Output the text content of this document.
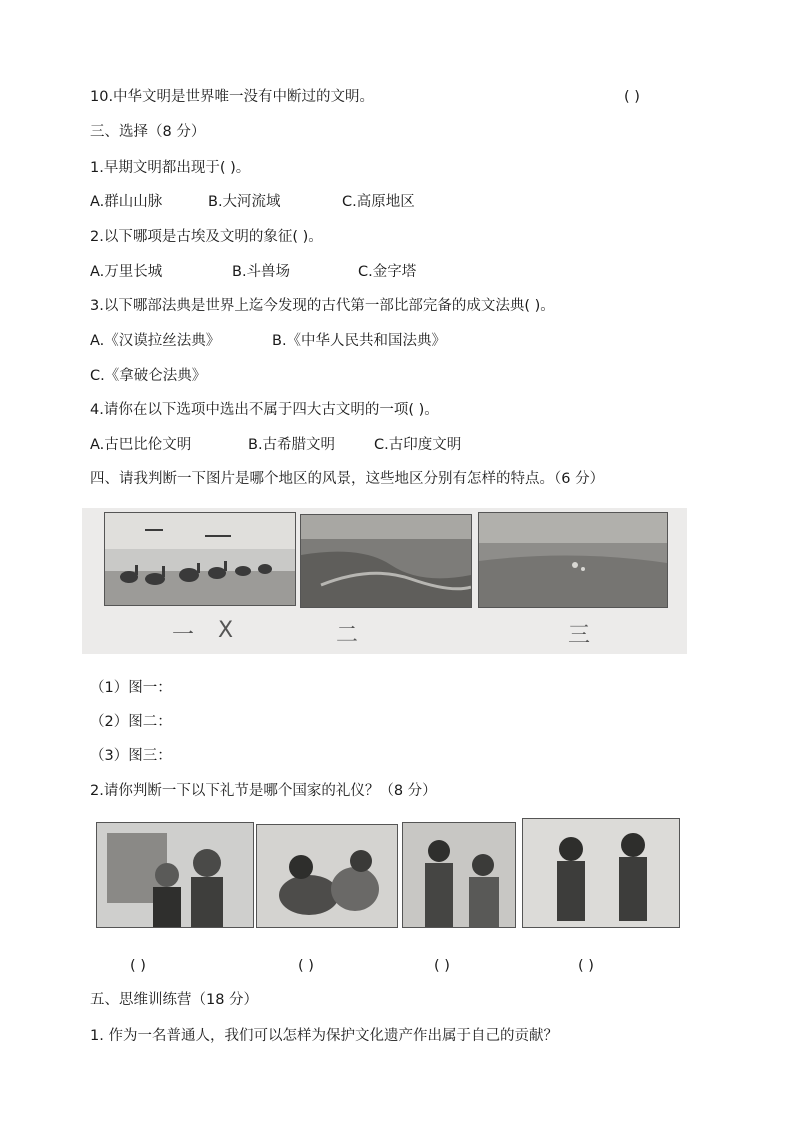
10.中华文明是世界唯一没有中断过的文明。	( )
三、选择（8 分）
1.早期文明都出现于( )。
A.群山山脉	B.大河流域	C.高原地区
2.以下哪项是古埃及文明的象征( )。
A.万里长城	B.斗兽场	C.金字塔
3.以下哪部法典是世界上迄今发现的古代第一部比部完备的成文法典( )。
A.《汉谟拉丝法典》	B.《中华人民共和国法典》
C.《拿破仑法典》
4.请你在以下选项中选出不属于四大古文明的一项( )。
A.古巴比伦文明	B.古希腊文明	C.古印度文明
四、请我判断一下图片是哪个地区的风景，这些地区分别有怎样的特点。（6 分）
一 X	二	三
（1）图一：
（2）图二：
（3）图三：
2.请你判断一下以下礼节是哪个国家的礼仪？（8 分）
( )	( )	( )	( )
五、思维训练营（18 分）
1. 作为一名普通人，我们可以怎样为保护文化遗产作出属于自己的贡献？
